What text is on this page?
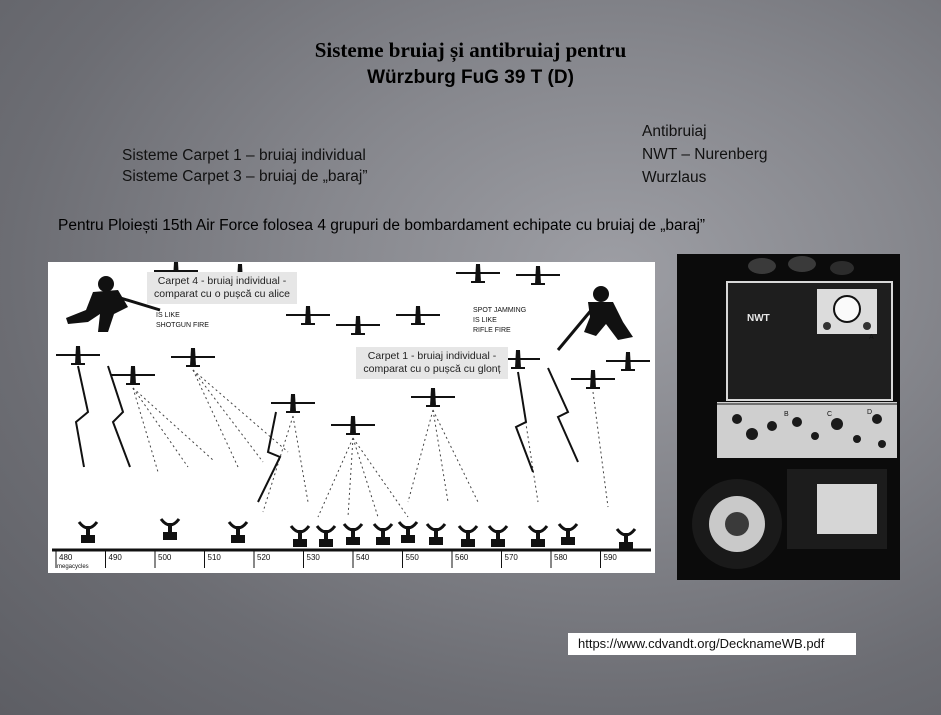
Sisteme bruiaj și antibruiaj pentru
Würzburg FuG 39 T (D)
Sisteme Carpet 1 – bruiaj individual
Sisteme Carpet 3 – bruiaj de „baraj”
Antibruiaj
NWT – Nurenberg
Wurzlaus
Pentru Ploiești 15th Air Force folosea 4 grupuri de bombardament echipate cu bruiaj de „baraj”
480	490	500	510	520	530	540	550	560	570	580	590
megacycles
IS LIKE SHOTGUN FIRE
SPOT JAMMING IS LIKE RIFLE FIRE
Carpet 4 - bruiaj individual -
comparat cu o pușcă cu alice
Carpet 1 - bruiaj individual -
comparat cu o pușcă cu glonț
NWT
B	C	D
A
https://www.cdvandt.org/DecknameWB.pdf
